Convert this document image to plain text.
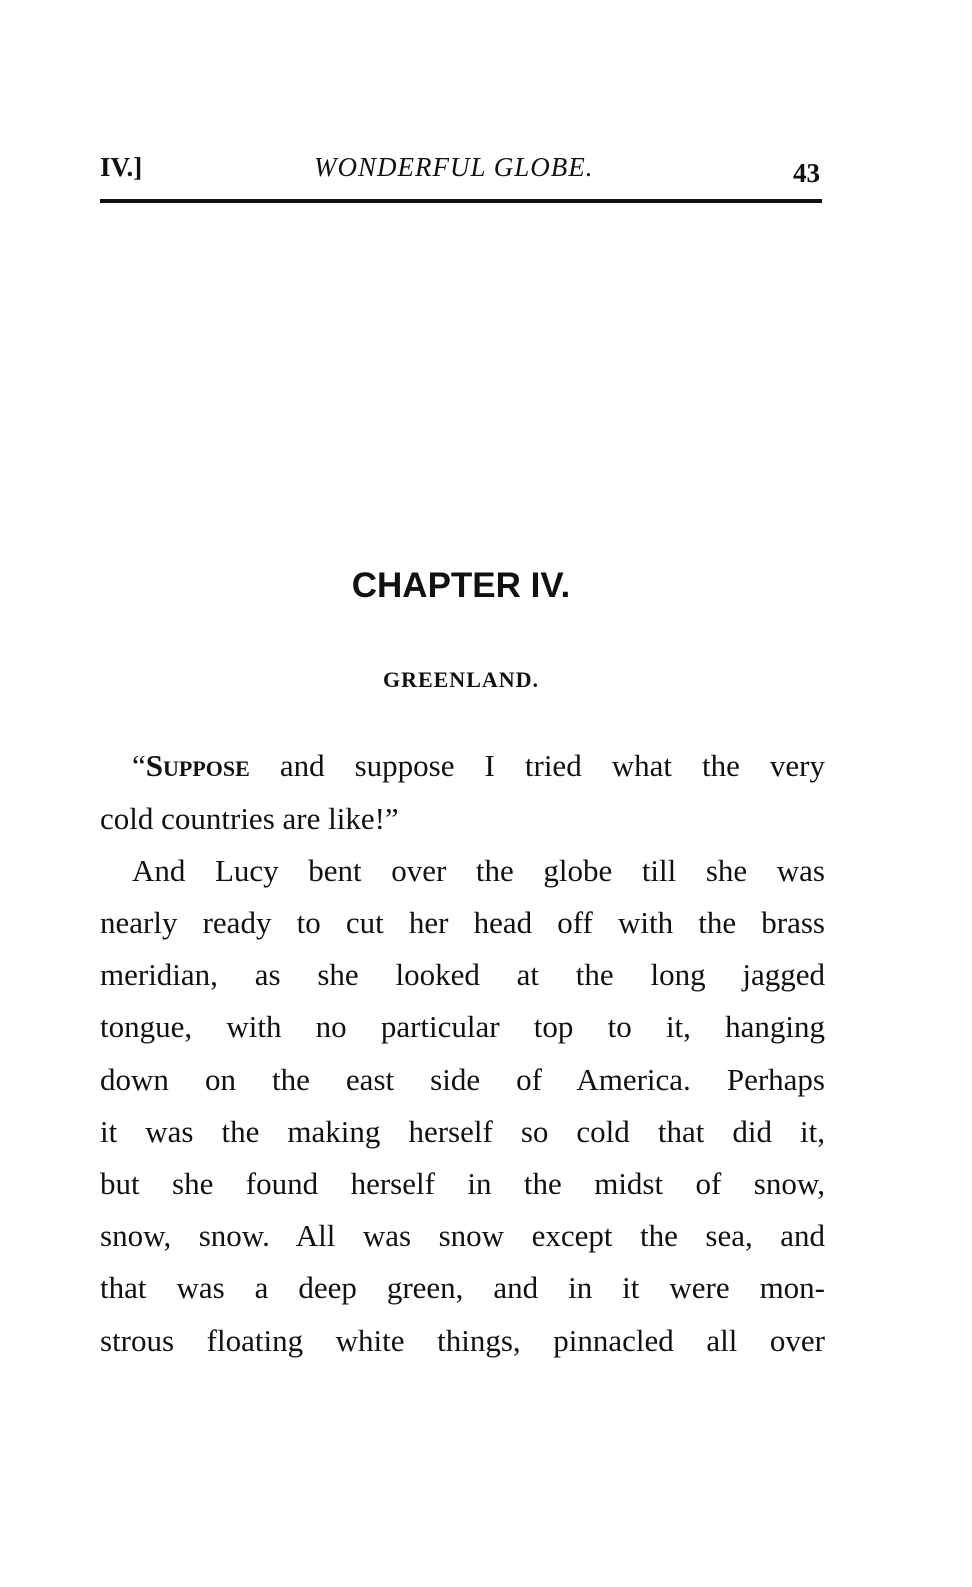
IV.]	WONDERFUL GLOBE.	43
CHAPTER IV.
GREENLAND.
“Suppose and suppose I tried what the very
cold countries are like!”
And Lucy bent over the globe till she was
nearly ready to cut her head off with the brass
meridian, as she looked at the long jagged
tongue, with no particular top to it, hanging
down on the east side of America. Perhaps
it was the making herself so cold that did it,
but she found herself in the midst of snow,
snow, snow. All was snow except the sea, and
that was a deep green, and in it were mon-
strous floating white things, pinnacled all over
